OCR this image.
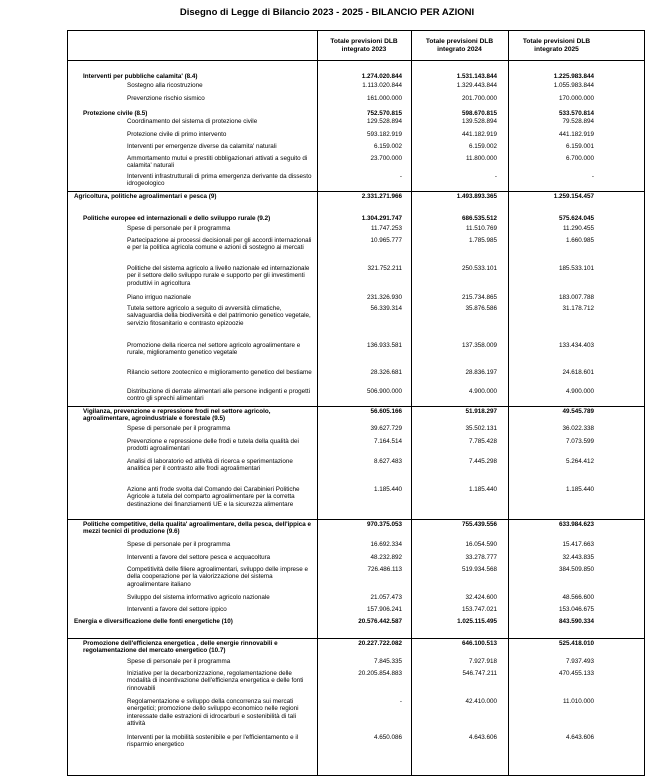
Disegno di Legge di Bilancio 2023 - 2025 - BILANCIO PER AZIONI
Totale previsioni DLB integrato 2023
Totale previsioni DLB integrato 2024
Totale previsioni DLB integrato 2025
Interventi per pubbliche calamita' (8.4)	1.274.020.844	1.531.143.844	1.225.983.844
Sostegno alla ricostruzione	1.113.020.844	1.329.443.844	1.055.983.844
Prevenzione rischio sismico	161.000.000	201.700.000	170.000.000
Protezione civile (8.5)	752.570.815	598.670.815	533.570.814
Coordinamento del sistema di protezione civile	129.528.894	139.528.894	79.528.894
Protezione civile di primo intervento	593.182.919	441.182.919	441.182.919
Interventi per emergenze diverse da calamita' naturali	6.159.002	6.159.002	6.159.001
Ammortamento mutui e prestiti obbligazionari attivati a seguito di calamita' naturali
23.700.000	11.800.000	6.700.000
Interventi infrastrutturali di prima emergenza derivante da dissesto idrogeologico
-	-	-
Agricoltura, politiche agroalimentari e pesca (9)	2.331.271.966	1.493.893.365	1.259.154.457
Politiche europee ed internazionali e dello sviluppo rurale (9.2)	1.304.291.747	686.535.512	575.624.045
Spese di personale per il programma	11.747.253	11.510.769	11.290.455
Partecipazione ai processi decisionali per gli accordi internazionali e per la politica agricola comune e azioni di sostegno ai mercati
10.965.777	1.785.985	1.660.985
Politiche del sistema agricolo a livello nazionale ed internazionale per il settore dello sviluppo rurale e supporto per gli investimenti produttivi in agricoltura
321.752.211	250.533.101	185.533.101
Piano irriguo nazionale	231.326.930	215.734.865	183.007.788
Tutela settore agricolo a seguito di avversità climatiche, salvaguardia della biodiversità e del patrimonio genetico vegetale, servizio fitosanitario e contrasto epizoozie
56.339.314	35.876.586	31.178.712
Promozione della ricerca nel settore agricolo agroalimentare e rurale, miglioramento genetico vegetale
136.933.581	137.358.009	133.434.403
Rilancio settore zootecnico e miglioramento genetico del bestiame	28.326.681	28.836.197	24.618.601
Distribuzione di derrate alimentari alle persone indigenti e progetti contro gli sprechi alimentari
506.900.000	4.900.000	4.900.000
Vigilanza, prevenzione e repressione frodi nel settore agricolo, agroalimentare, agroindustriale e forestale (9.5)
56.605.166	51.918.297	49.545.789
Spese di personale per il programma	39.627.729	35.502.131	36.022.338
Prevenzione e repressione delle frodi e tutela della qualità dei prodotti agroalimentari
7.164.514	7.785.428	7.073.599
Analisi di laboratorio ed attività di ricerca e sperimentazione analitica per il contrasto alle frodi agroalimentari
8.627.483	7.445.298	5.264.412
Azione anti frode svolta dal Comando dei Carabinieri Politiche Agricole a tutela del comparto agroalimentare per la corretta destinazione dei finanziamenti UE e la sicurezza alimentare
1.185.440	1.185.440	1.185.440
Politiche competitive, della qualita' agroalimentare, della pesca, dell'ippica e mezzi tecnici di produzione (9.6)
970.375.053	755.439.556	633.984.623
Spese di personale per il programma	16.692.334	16.054.590	15.417.663
Interventi a favore del settore pesca e acquacoltura	48.232.892	33.278.777	32.443.835
Competitività delle filiere agroalimentari, sviluppo delle imprese e della cooperazione per la valorizzazione del sistema agroalimentare italiano
726.486.113	519.934.568	384.509.850
Sviluppo del sistema informativo agricolo nazionale	21.057.473	32.424.600	48.566.600
Interventi a favore del settore ippico	157.906.241	153.747.021	153.046.675
Energia e diversificazione delle fonti energetiche (10)	20.576.442.587	1.025.115.495	843.590.334
Promozione dell'efficienza energetica , delle energie rinnovabili e regolamentazione del mercato energetico (10.7)
20.227.722.082	646.100.513	525.418.010
Spese di personale per il programma	7.845.335	7.927.918	7.937.493
Iniziative per la decarbonizzazione, regolamentazione delle modalità di incentivazione dell'efficienza energetica e delle fonti rinnovabili
20.205.854.883	546.747.211	470.455.133
Regolamentazione e sviluppo della concorrenza sui mercati energetici; promozione dello sviluppo economico nelle regioni interessate dalle estrazioni di idrocarburi e sostenibilità di tali attività
-	42.410.000	11.010.000
Interventi per la mobilità sostenibile e per l'efficientamento e il risparmio energetico
4.650.086	4.643.606	4.643.606
